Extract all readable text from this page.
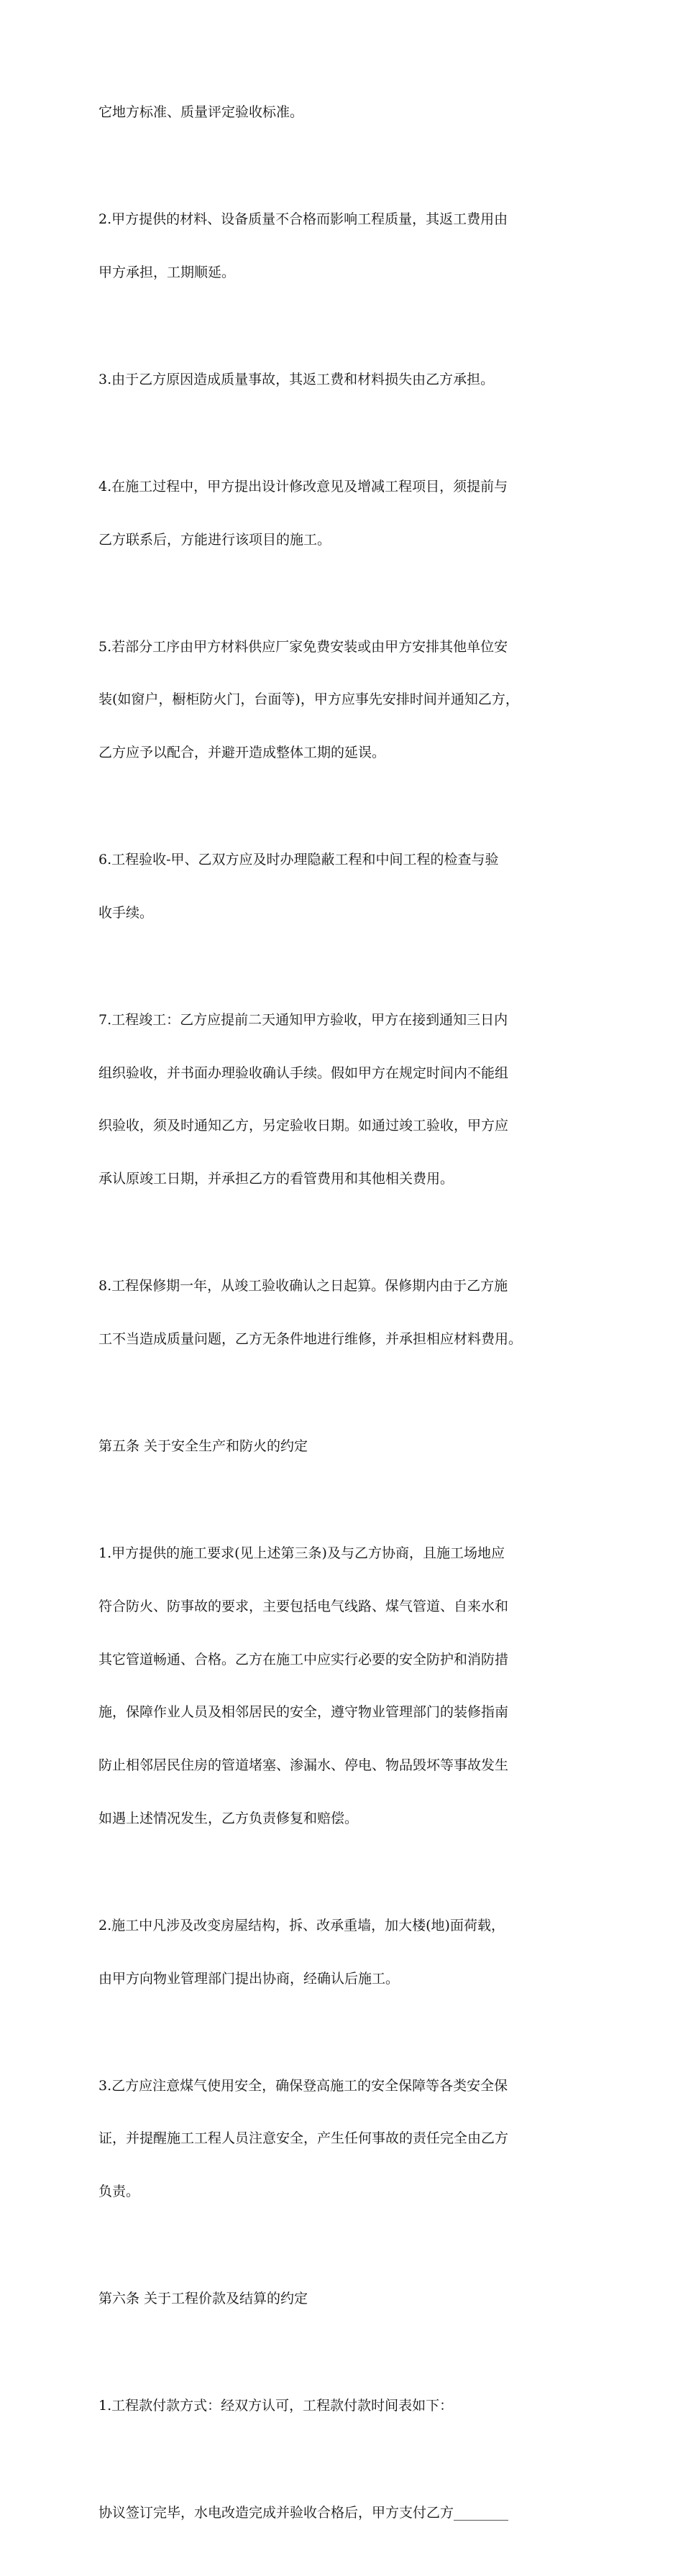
它地方标准、质量评定验收标准。

2.甲方提供的材料、设备质量不合格而影响工程质量，其返工费用由

甲方承担，工期顺延。

3.由于乙方原因造成质量事故，其返工费和材料损失由乙方承担。

4.在施工过程中，甲方提出设计修改意见及增减工程项目，须提前与

乙方联系后，方能进行该项目的施工。

5.若部分工序由甲方材料供应厂家免费安装或由甲方安排其他单位安

装(如窗户，橱柜防火门，台面等)，甲方应事先安排时间并通知乙方，

乙方应予以配合，并避开造成整体工期的延误。

6.工程验收-甲、乙双方应及时办理隐蔽工程和中间工程的检查与验

收手续。

7.工程竣工：乙方应提前二天通知甲方验收，甲方在接到通知三日内

组织验收，并书面办理验收确认手续。假如甲方在规定时间内不能组

织验收，须及时通知乙方，另定验收日期。如通过竣工验收，甲方应

承认原竣工日期，并承担乙方的看管费用和其他相关费用。

8.工程保修期一年，从竣工验收确认之日起算。保修期内由于乙方施

工不当造成质量问题，乙方无条件地进行维修，并承担相应材料费用。

第五条 关于安全生产和防火的约定

1.甲方提供的施工要求(见上述第三条)及与乙方协商，且施工场地应

符合防火、防事故的要求，主要包括电气线路、煤气管道、自来水和

其它管道畅通、合格。乙方在施工中应实行必要的安全防护和消防措

施，保障作业人员及相邻居民的安全，遵守物业管理部门的装修指南

防止相邻居民住房的管道堵塞、渗漏水、停电、物品毁坏等事故发生

如遇上述情况发生，乙方负责修复和赔偿。

2.施工中凡涉及改变房屋结构，拆、改承重墙，加大楼(地)面荷载，

由甲方向物业管理部门提出协商，经确认后施工。

3.乙方应注意煤气使用安全，确保登高施工的安全保障等各类安全保

证，并提醒施工工程人员注意安全，产生任何事故的责任完全由乙方

负责。

第六条 关于工程价款及结算的约定

1.工程款付款方式：经双方认可，工程款付款时间表如下：

协议签订完毕，水电改造完成并验收合格后，甲方支付乙方________
